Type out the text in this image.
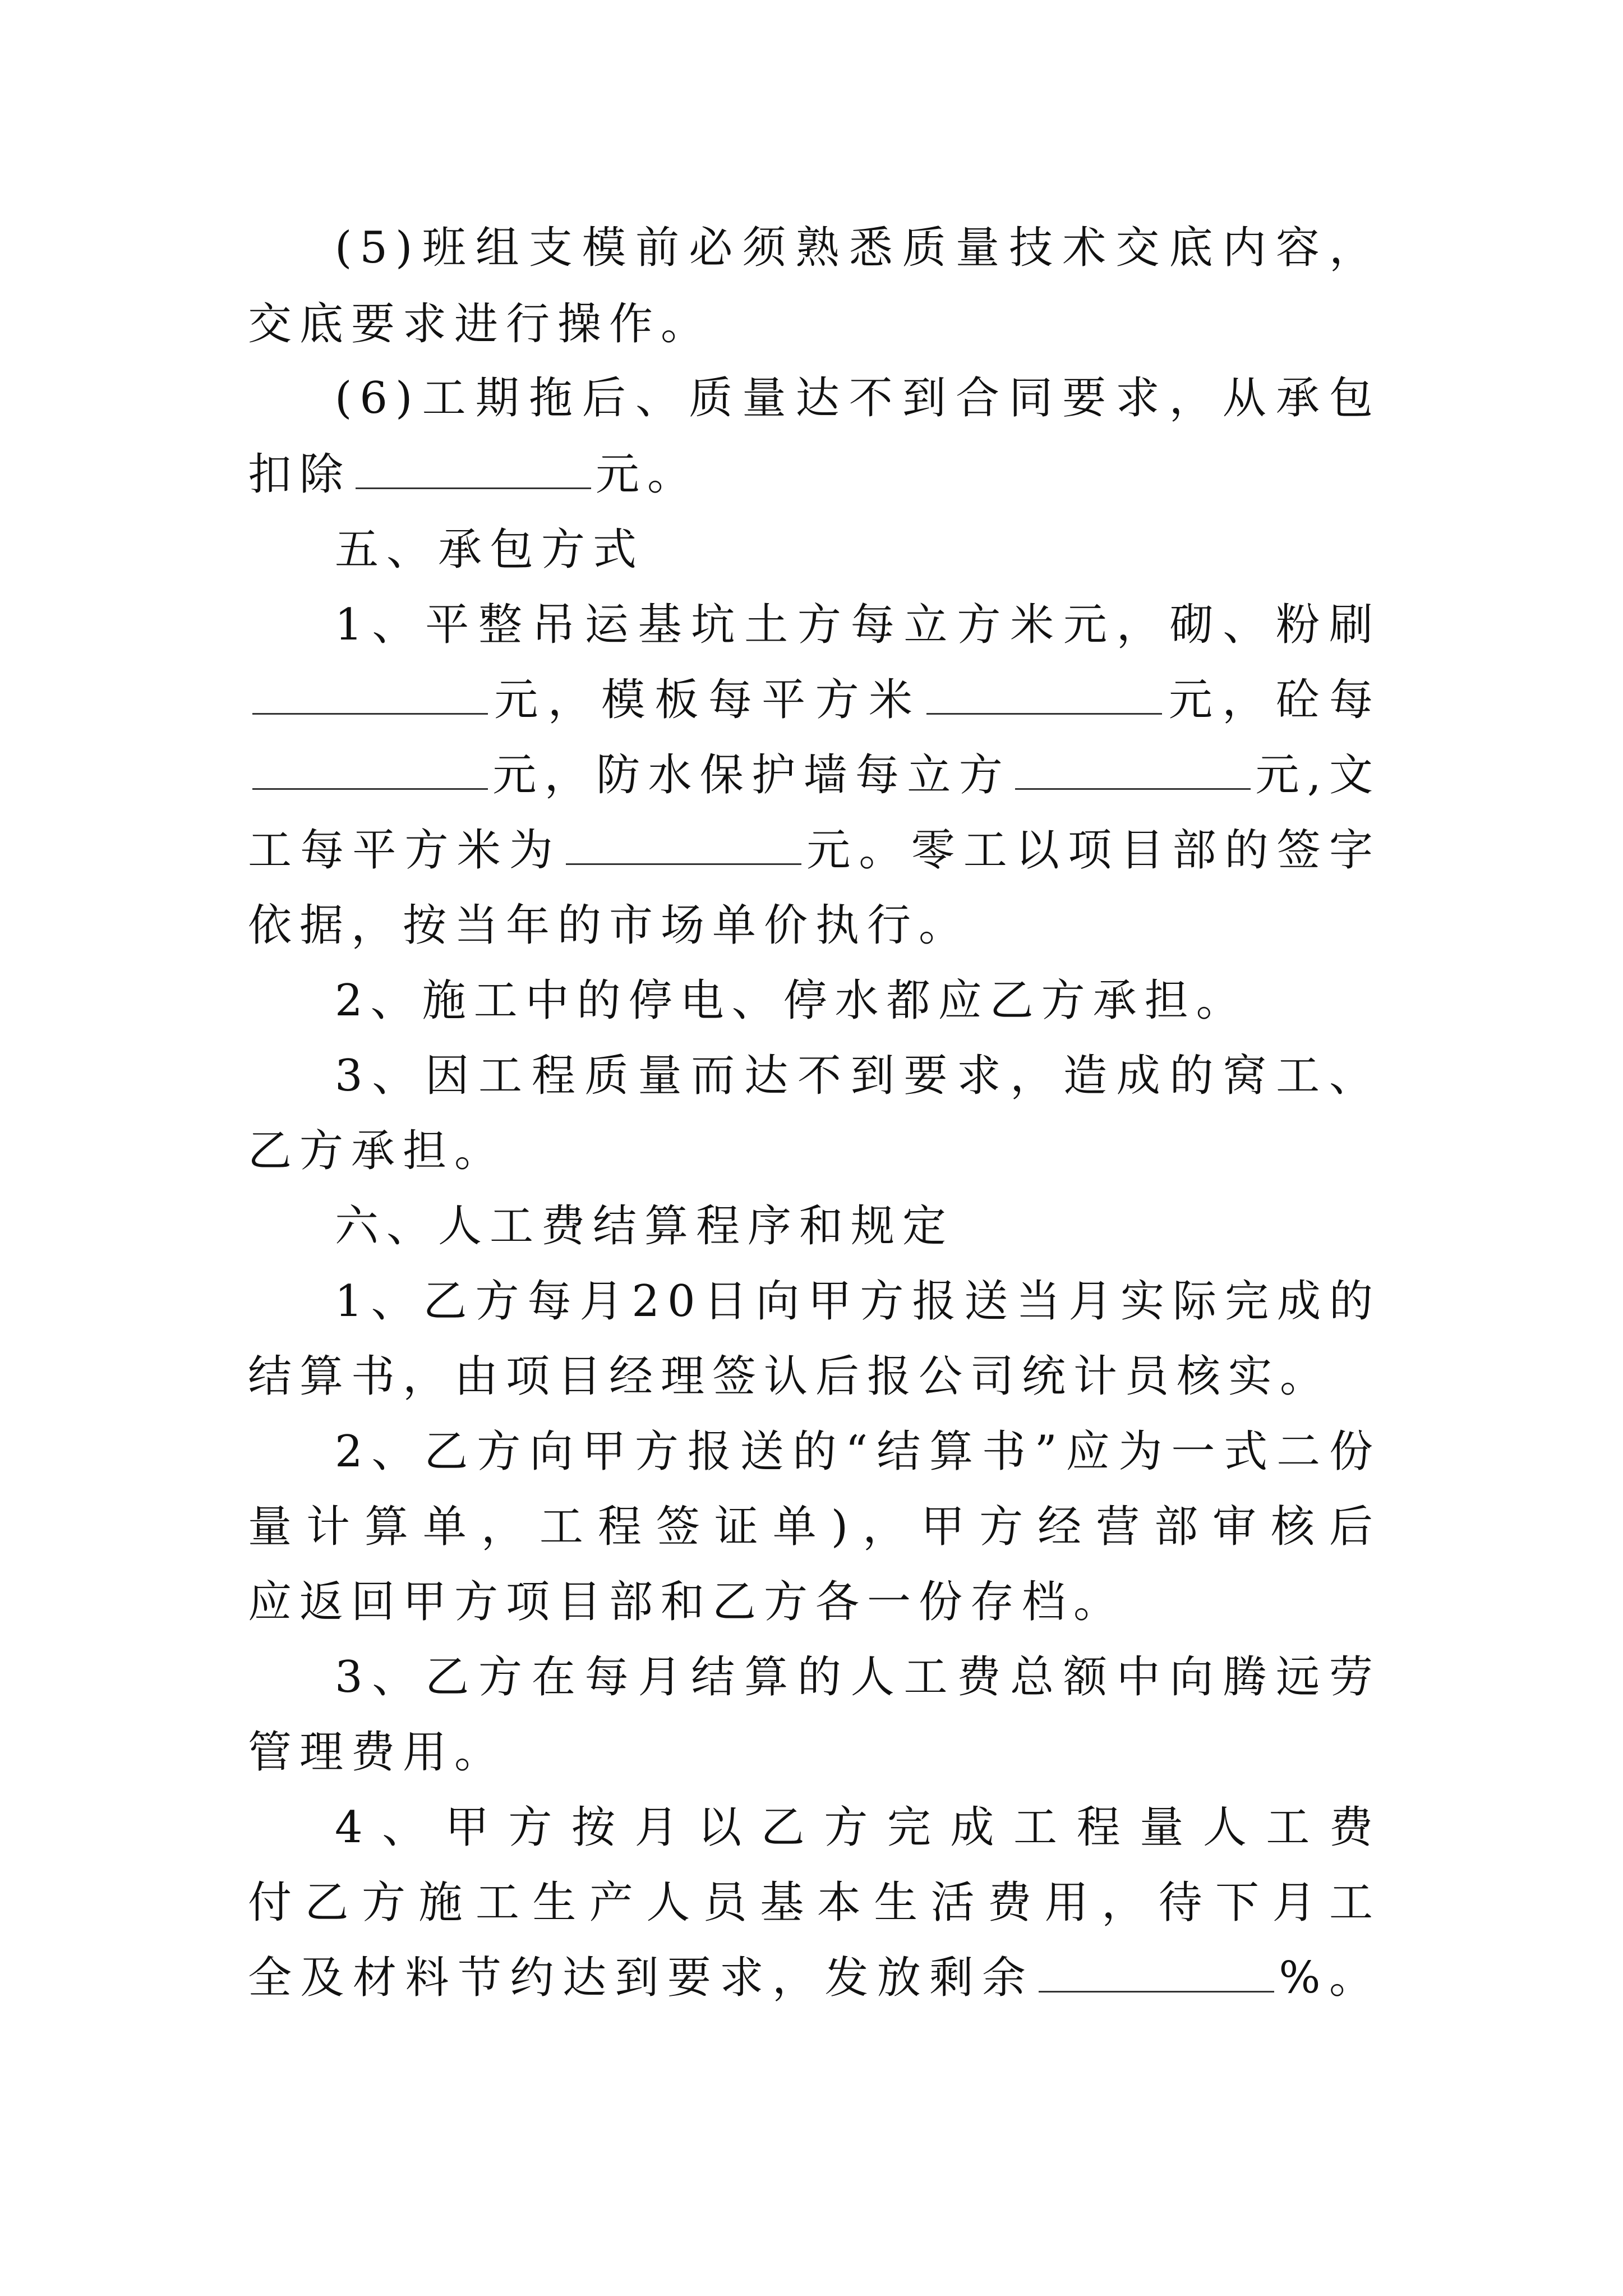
(5)班组支模前必须熟悉质量技术交底内容，
交底要求进行操作。
(6)工期拖后、质量达不到合同要求，从承包
扣除	元。
五、承包方式
1、平整吊运基坑土方每立方米元，砌、粉刷
元，模板每平方米	元，砼每
元，防水保护墙每立方	元,文
工每平方米为	元。零工以项目部的签字
依据，按当年的市场单价执行。
2、施工中的停电、停水都应乙方承担。
3、因工程质量而达不到要求，造成的窝工、
乙方承担。
六、人工费结算程序和规定
1、乙方每月20日向甲方报送当月实际完成的
结算书，由项目经理签认后报公司统计员核实。
2、乙方向甲方报送的“结算书”应为一式二份
量计算单，工程签证单)，甲方经营部审核后
应返回甲方项目部和乙方各一份存档。
3、乙方在每月结算的人工费总额中向腾远劳
管理费用。
4、甲方按月以乙方完成工程量人工费
付乙方施工生产人员基本生活费用，待下月工
全及材料节约达到要求，发放剩余	%。
